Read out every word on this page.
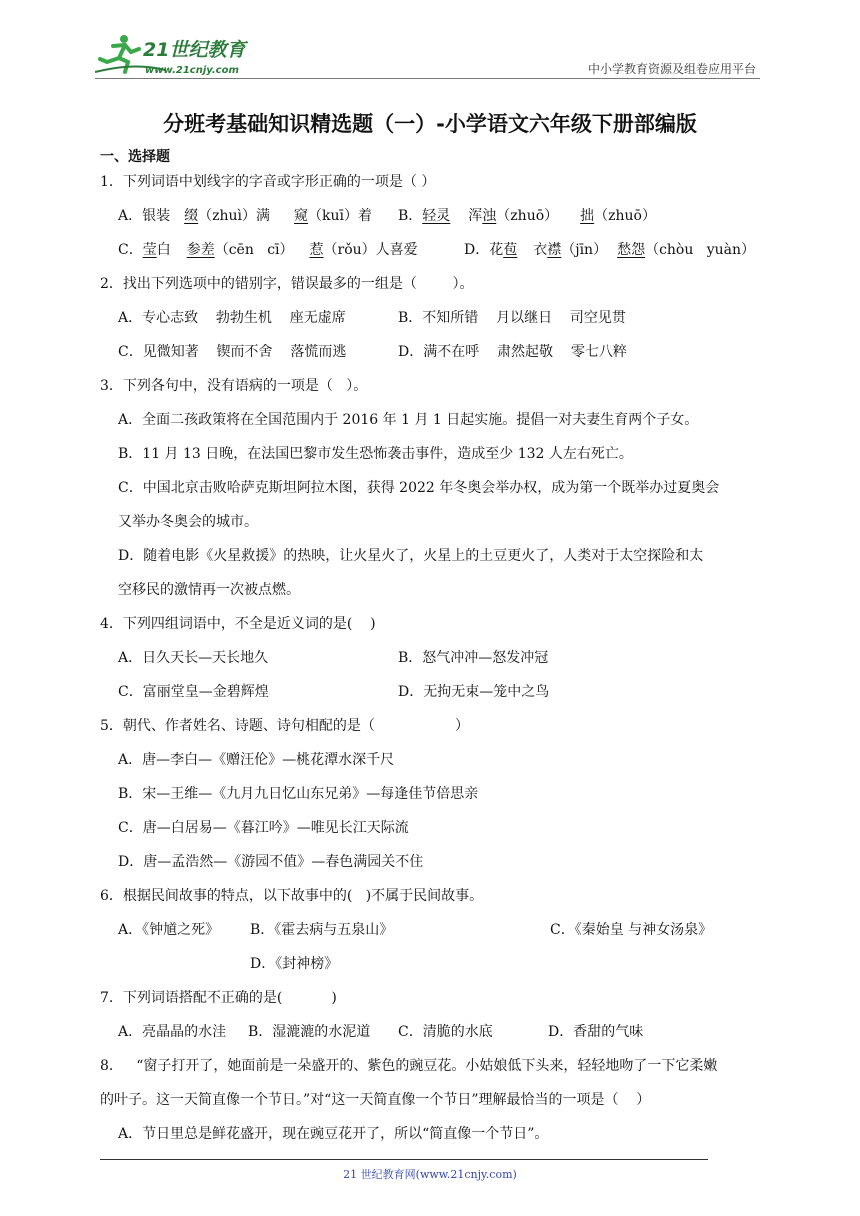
21世纪教育
www.21cnjy.com	中小学教育资源及组卷应用平台
分班考基础知识精选题（一）-小学语文六年级下册部编版
一、选择题
1．下列词语中划线字的字音或字形正确的一项是（ ）
A．银装 缀（zhuì）满 窥（kuī）着 B．轻灵 浑浊（zhuō） 拙（zhuō）
C．莹白 参差（cēn   cī） 惹（rǒu）人喜爱	D．花苞 衣襟（jīn） 愁怨（chòu   yuàn）
2．找出下列选项中的错别字，错误最多的一组是（        ）。
A．专心志致    勃勃生机    座无虚席	B．不知所错    月以继日    司空见贯
C．见微知著    锲而不舍    落慌而逃	D．满不在呼    肃然起敬    零七八粹
3．下列各句中，没有语病的一项是（   ）。
A．全面二孩政策将在全国范围内于 2016 年 1 月 1 日起实施。提倡一对夫妻生育两个子女。
B．11 月 13 日晚，在法国巴黎市发生恐怖袭击事件，造成至少 132 人左右死亡。
C．中国北京击败哈萨克斯坦阿拉木图，获得 2022 年冬奥会举办权，成为第一个既举办过夏奥会
又举办冬奥会的城市。
D．随着电影《火星救援》的热映，让火星火了，火星上的土豆更火了，人类对于太空探险和太
空移民的激情再一次被点燃。
4．下列四组词语中，不全是近义词的是(    )
A．日久天长—天长地久	B．怒气冲冲—怒发冲冠
C．富丽堂皇—金碧辉煌	D．无拘无束—笼中之鸟
5．朝代、作者姓名、诗题、诗句相配的是（                  ）
A．唐—李白—《赠汪伦》—桃花潭水深千尺
B．宋—王维—《九月九日忆山东兄弟》—每逢佳节倍思亲
C．唐—白居易—《暮江吟》—唯见长江天际流
D．唐—孟浩然—《游园不值》—春色满园关不住
6．根据民间故事的特点，以下故事中的(   )不属于民间故事。
A．《钟馗之死》 B．《霍去病与五泉山》	C．《秦始皇 与神女汤泉》
D．《封神榜》
7．下列词语搭配不正确的是(           )
A．亮晶晶的水洼 B．湿漉漉的水泥道 C．清脆的水底	D．香甜的气味
8．   “窗子打开了，她面前是一朵盛开的、紫色的豌豆花。小姑娘低下头来，轻轻地吻了一下它柔嫩
的叶子。这一天简直像一个节日。”对“这一天简直像一个节日”理解最恰当的一项是（    ）
A．节日里总是鲜花盛开，现在豌豆花开了，所以“简直像一个节日”。
21 世纪教育网(www.21cnjy.com)
